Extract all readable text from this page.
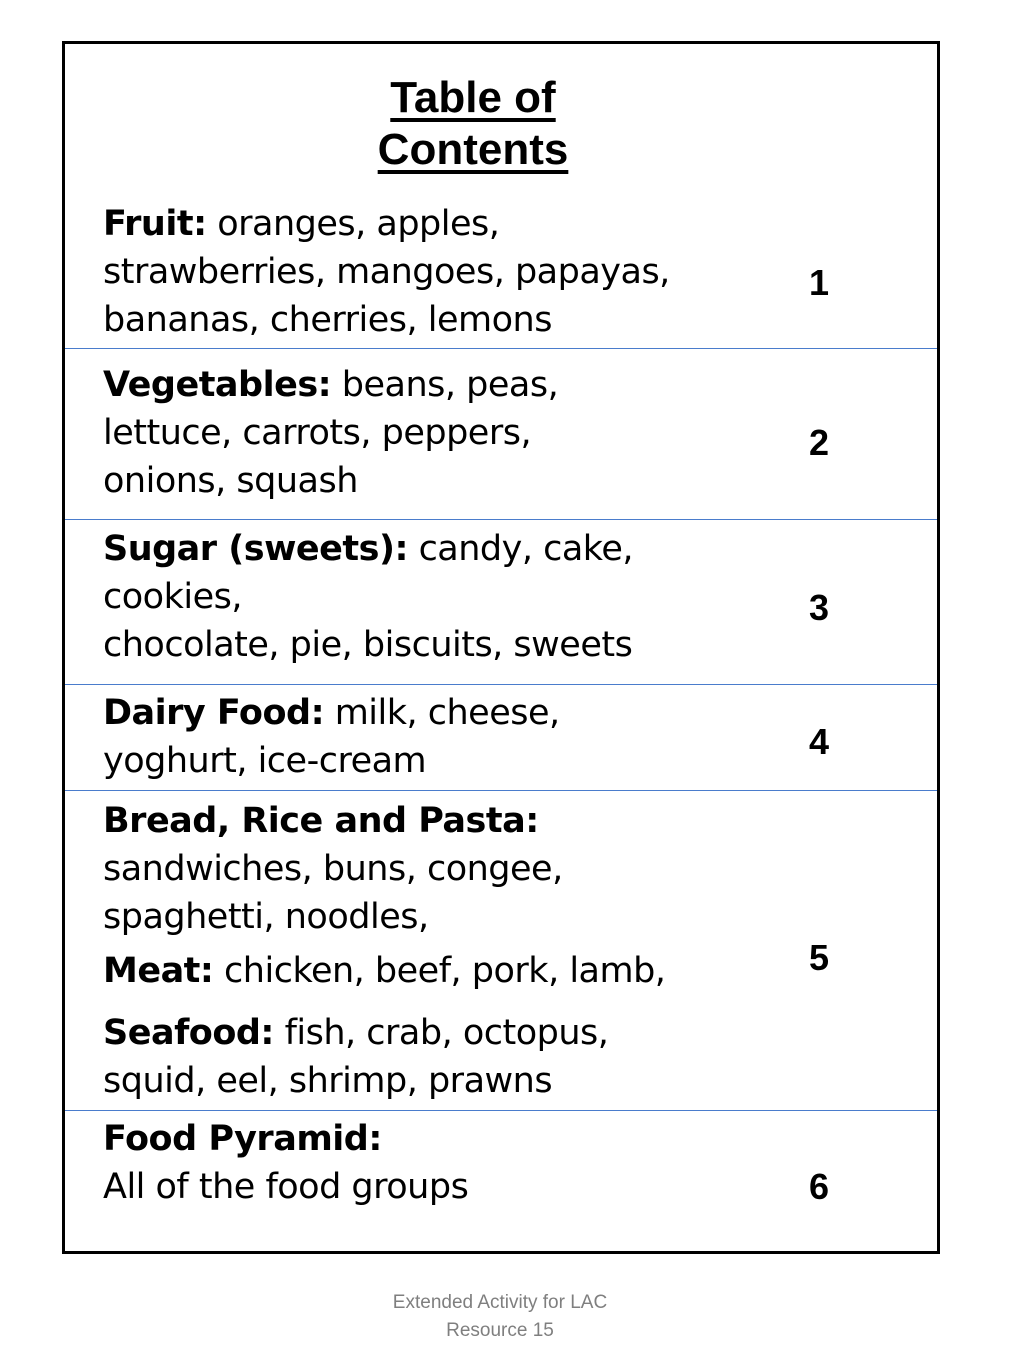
Table of
Contents
Fruit: oranges, apples,
strawberries, mangoes, papayas,
bananas, cherries, lemons
1
Vegetables: beans, peas,
lettuce, carrots, peppers,
onions, squash
2
Sugar (sweets): candy, cake,
cookies,
chocolate, pie, biscuits, sweets
3
Dairy Food: milk, cheese,
yoghurt, ice-cream	4
Bread, Rice and Pasta:
sandwiches, buns, congee,
spaghetti, noodles,
Meat: chicken, beef, pork, lamb,
Seafood: fish, crab, octopus,
squid, eel, shrimp, prawns
5
Food Pyramid:
All of the food groups	6
Extended Activity for LAC
Resource 15
